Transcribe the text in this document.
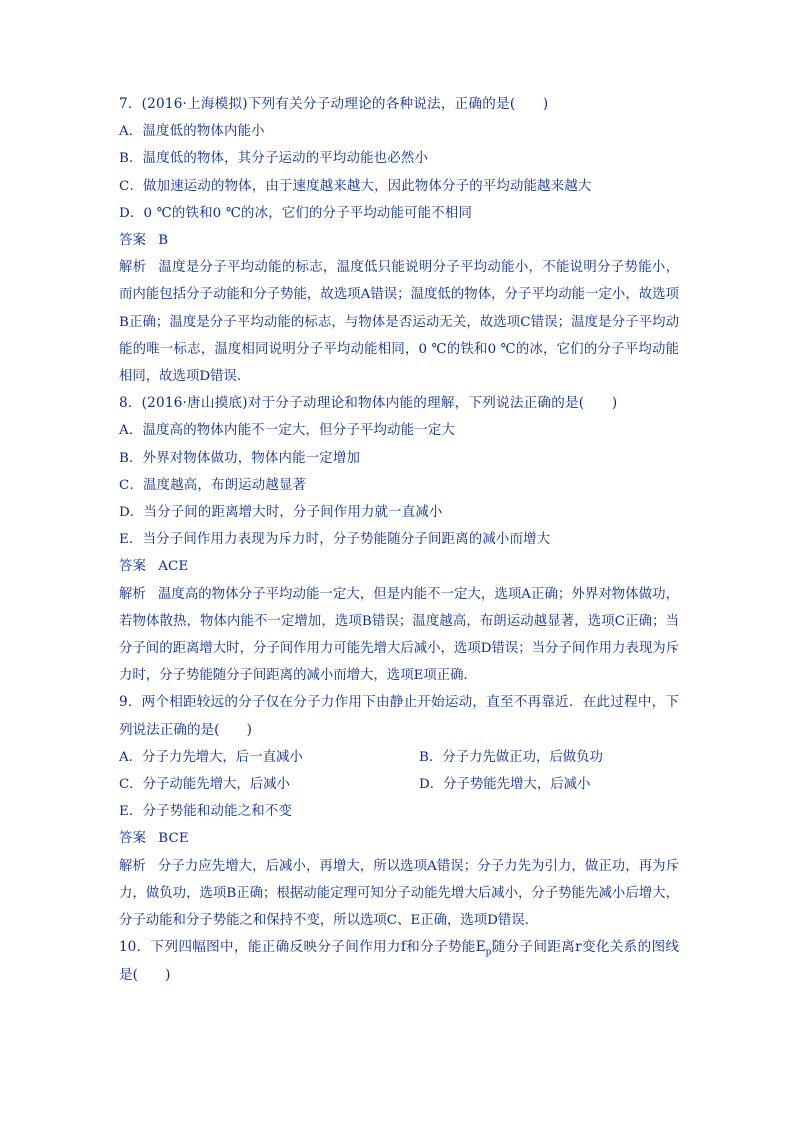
7．(2016·上海模拟)下列有关分子动理论的各种说法，正确的是(　　)
A．温度低的物体内能小
B．温度低的物体，其分子运动的平均动能也必然小
C．做加速运动的物体，由于速度越来越大，因此物体分子的平均动能越来越大
D．0 ℃的铁和0 ℃的冰，它们的分子平均动能可能不相同
答案 B
解析 温度是分子平均动能的标志，温度低只能说明分子平均动能小，不能说明分子势能小，而内能包括分子动能和分子势能，故选项A错误；温度低的物体，分子平均动能一定小，故选项B正确；温度是分子平均动能的标志，与物体是否运动无关，故选项C错误；温度是分子平均动能的唯一标志，温度相同说明分子平均动能相同，0 ℃的铁和0 ℃的冰，它们的分子平均动能相同，故选项D错误．
8．(2016·唐山摸底)对于分子动理论和物体内能的理解，下列说法正确的是(　　)
A．温度高的物体内能不一定大，但分子平均动能一定大
B．外界对物体做功，物体内能一定增加
C．温度越高，布朗运动越显著
D．当分子间的距离增大时，分子间作用力就一直减小
E．当分子间作用力表现为斥力时，分子势能随分子间距离的减小而增大
答案 ACE
解析 温度高的物体分子平均动能一定大，但是内能不一定大，选项A正确；外界对物体做功，若物体散热，物体内能不一定增加，选项B错误；温度越高，布朗运动越显著，选项C正确；当分子间的距离增大时，分子间作用力可能先增大后减小，选项D错误；当分子间作用力表现为斥力时，分子势能随分子间距离的减小而增大，选项E项正确．
9．两个相距较远的分子仅在分子力作用下由静止开始运动，直至不再靠近．在此过程中，下列说法正确的是(　　)
A．分子力先增大，后一直减小	B．分子力先做正功，后做负功
C．分子动能先增大，后减小	D．分子势能先增大，后减小
E．分子势能和动能之和不变
答案 BCE
解析 分子力应先增大，后减小，再增大，所以选项A错误；分子力先为引力，做正功，再为斥力，做负功，选项B正确；根据动能定理可知分子动能先增大后减小，分子势能先减小后增大，分子动能和分子势能之和保持不变，所以选项C、E正确，选项D错误．
10．下列四幅图中，能正确反映分子间作用力f和分子势能$E_p$随分子间距离r变化关系的图线是(　　)
